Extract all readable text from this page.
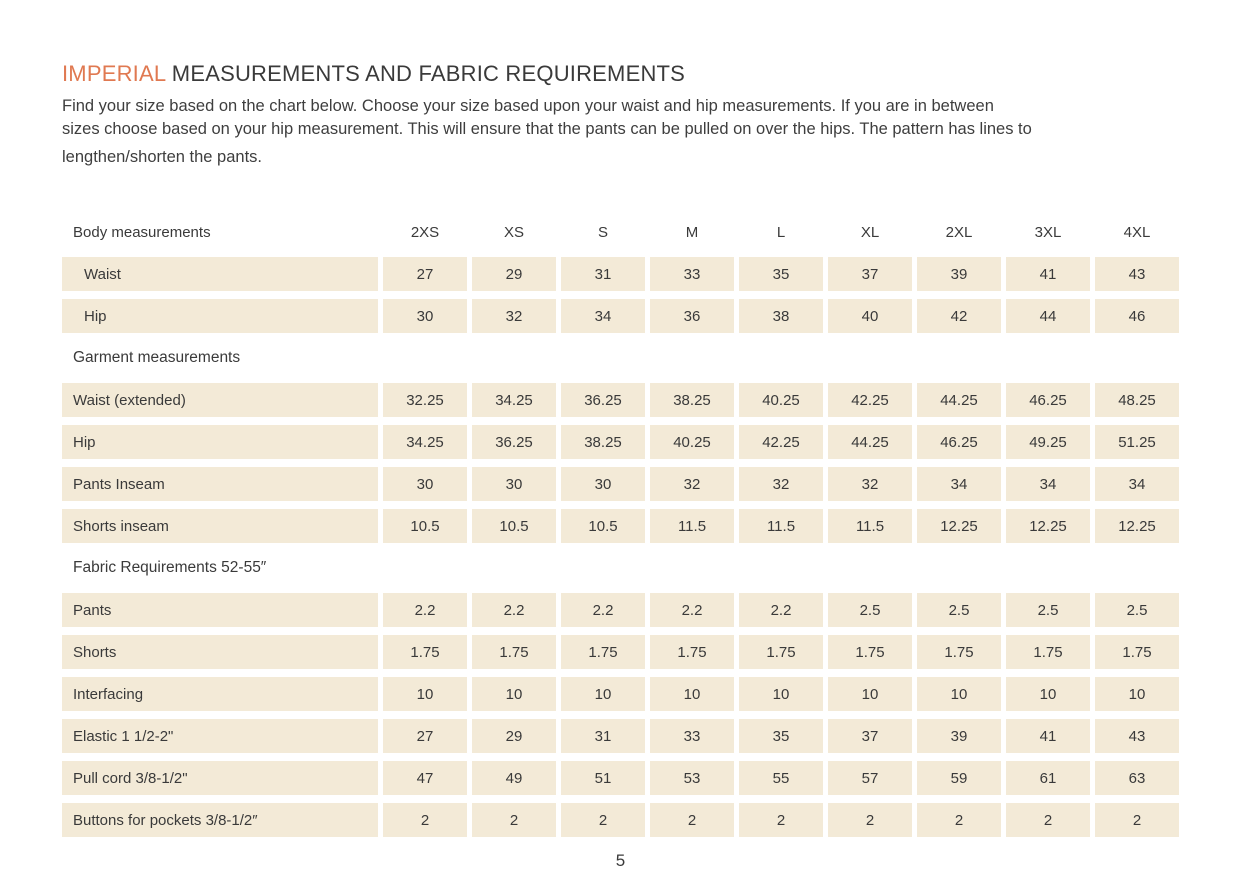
IMPERIAL MEASUREMENTS AND FABRIC REQUIREMENTS

Find your size based on the chart below. Choose your size based upon your waist and hip measurements. If you are in between
sizes choose based on your hip measurement. This will ensure that the pants can be pulled on over the hips. The pattern has lines to
lengthen/shorten the pants.

Body measurements	2XS	XS	S	M	L	XL	2XL	3XL	4XL
Waist	27	29	31	33	35	37	39	41	43
Hip	30	32	34	36	38	40	42	44	46
Garment measurements
Waist (extended)	32.25	34.25	36.25	38.25	40.25	42.25	44.25	46.25	48.25
Hip	34.25	36.25	38.25	40.25	42.25	44.25	46.25	49.25	51.25
Pants Inseam	30	30	30	32	32	32	34	34	34
Shorts inseam	10.5	10.5	10.5	11.5	11.5	11.5	12.25	12.25	12.25
Fabric Requirements 52-55″
Pants	2.2	2.2	2.2	2.2	2.2	2.5	2.5	2.5	2.5
Shorts	1.75	1.75	1.75	1.75	1.75	1.75	1.75	1.75	1.75
Interfacing	10	10	10	10	10	10	10	10	10
Elastic 1 1/2-2"	27	29	31	33	35	37	39	41	43
Pull cord 3/8-1/2"	47	49	51	53	55	57	59	61	63
Buttons for pockets 3/8-1/2″	2	2	2	2	2	2	2	2	2
5
